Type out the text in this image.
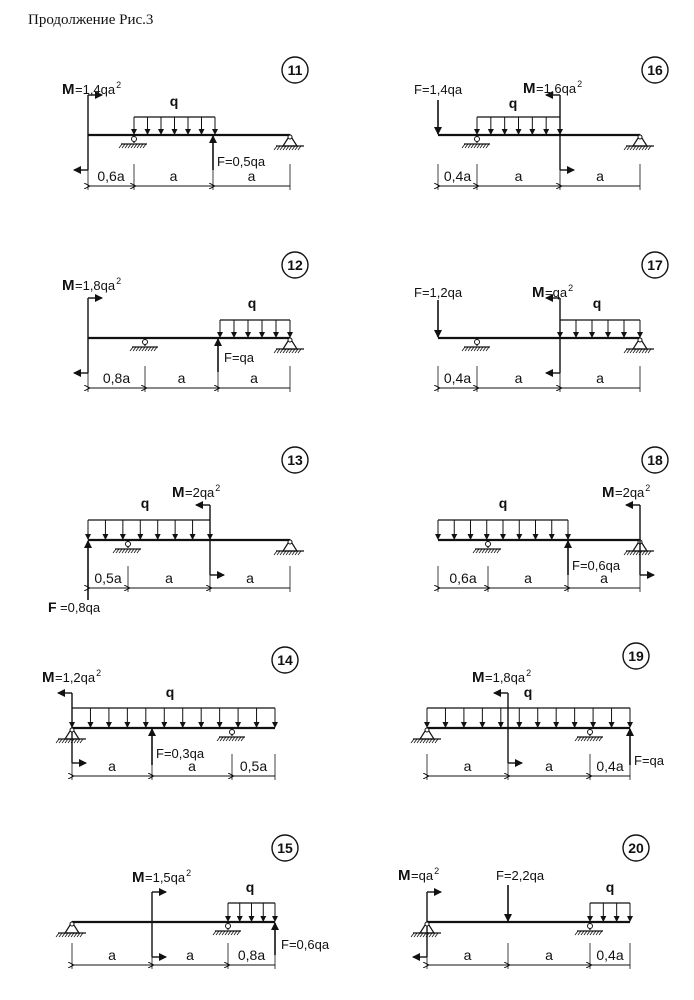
Продолжение Рис.3
11
M =1,4qa 2
q
F=0,5qa
0,6a	a	a
16
F=1,4qa
q
M =1,6qa 2
0,4a	a	a
12
M =1,8qa 2
q
F=qa
0,8a	a	a
17
F=1,2qa	M =qa 2
q
0,4a	a	a
13
q
M =2qa 2
F =0,8qa
0,5a	a	a
18
q
M =2qa 2
F=0,6qa
0,6a	a	a
14
q
M =1,2qa 2
F=0,3qa
a	a	0,5a
19
q
M =1,8qa 2
F=qa
a	a	0,4a
15
M =1,5qa 2
q
F=0,6qa
a	a	0,8a
20
M =qa 2	F=2,2qa
q
a	a	0,4a
